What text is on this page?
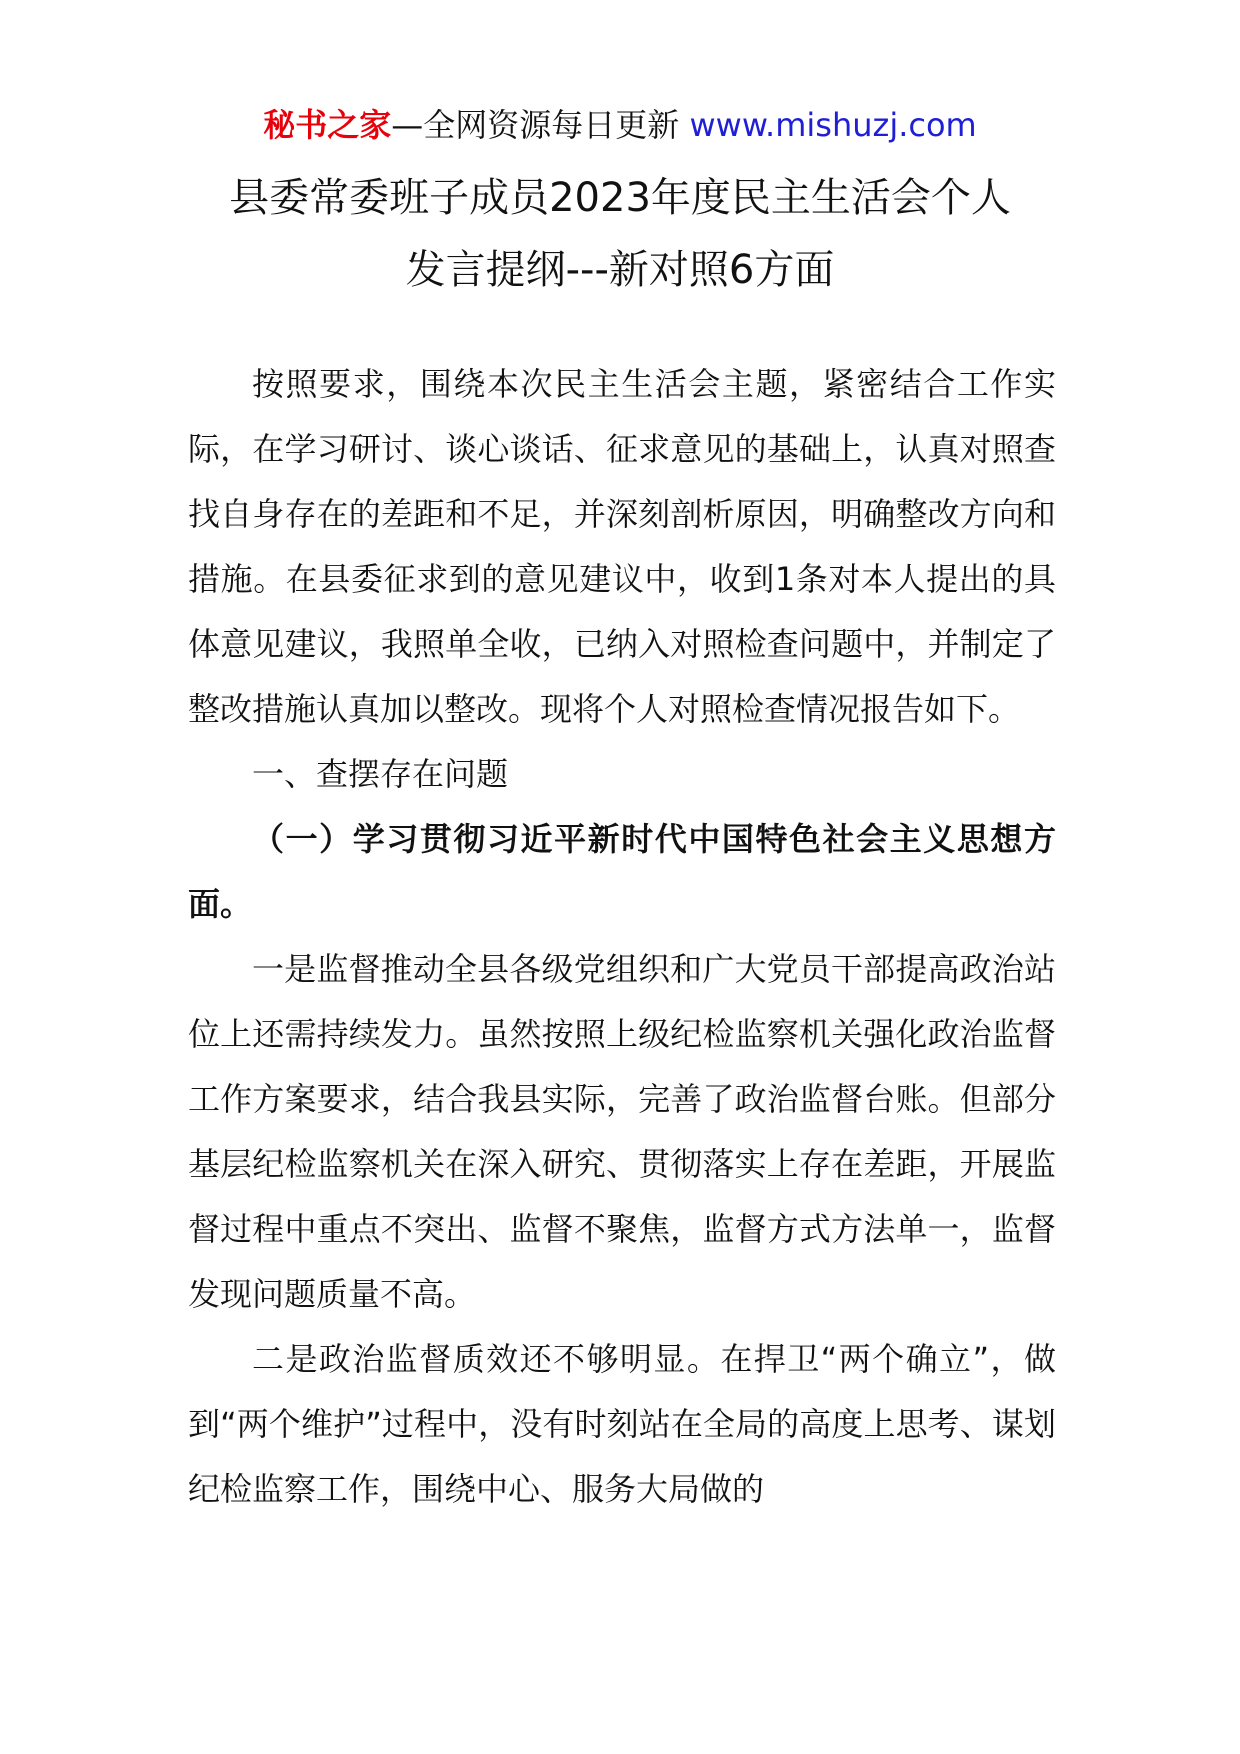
秘书之家—全网资源每日更新 www.mishuzj.com
县委常委班子成员2023年度民主生活会个人
发言提纲---新对照6方面

按照要求，围绕本次民主生活会主题，紧密结合工作实际，在学习研讨、谈心谈话、征求意见的基础上，认真对照查找自身存在的差距和不足，并深刻剖析原因，明确整改方向和措施。在县委征求到的意见建议中，收到1条对本人提出的具体意见建议，我照单全收，已纳入对照检查问题中，并制定了整改措施认真加以整改。现将个人对照检查情况报告如下。

一、查摆存在问题

（一）学习贯彻习近平新时代中国特色社会主义思想方面。

一是监督推动全县各级党组织和广大党员干部提高政治站位上还需持续发力。虽然按照上级纪检监察机关强化政治监督工作方案要求，结合我县实际，完善了政治监督台账。但部分基层纪检监察机关在深入研究、贯彻落实上存在差距，开展监督过程中重点不突出、监督不聚焦，监督方式方法单一，监督发现问题质量不高。

二是政治监督质效还不够明显。在捍卫“两个确立”，做到“两个维护”过程中，没有时刻站在全局的高度上思考、谋划纪检监察工作，围绕中心、服务大局做的
